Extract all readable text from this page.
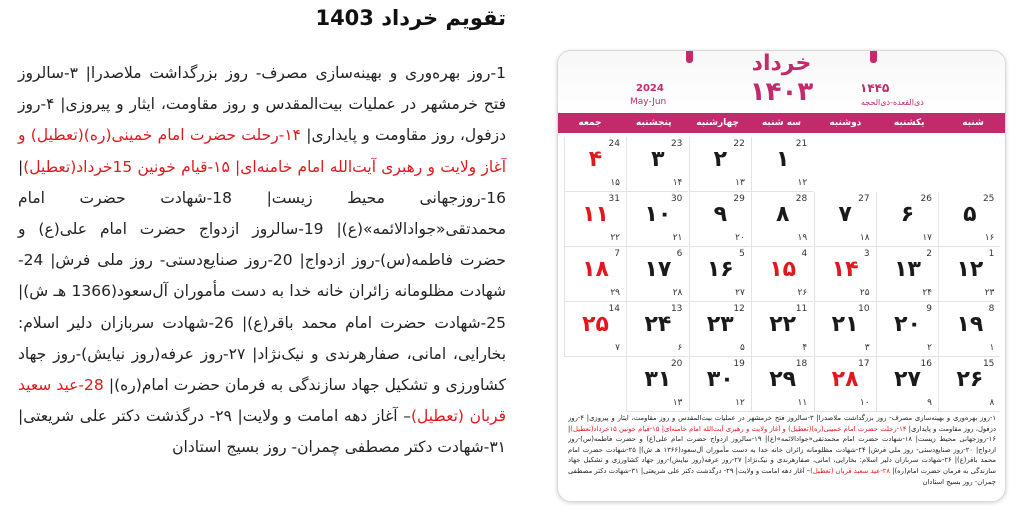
تقویم خرداد 1403
1-روز بهره‌وری و بهینه‌سازی مصرف- روز بزرگداشت ملاصدرا| ۳-سالروز فتح خرمشهر در عملیات بیت‌المقدس و روز مقاومت، ایثار و پیروزی| ۴-روز دزفول، روز مقاومت و پایداری| ۱۴-رحلت حضرت امام خمینی(ره)(تعطیل) و آغاز ولایت و رهبری آیت‌الله امام خامنه‌ای| ۱۵-قیام خونین 15خرداد(تعطیل)| 16-روزجهانی محیط زیست| 18-شهادت حضرت امام محمدتقی«جوادالائمه»(ع)| 19-سالروز ازدواج حضرت امام علی(ع) و حضرت فاطمه(س)-روز ازدواج| 20-روز صنایع‌دستی- روز ملی فرش| 24-شهادت مظلومانه زائران خانه خدا به دست مأموران آل‌سعود(1366 هـ ش)| 25-شهادت حضرت امام محمد باقر(ع)| 26-شهادت سربازان دلیر اسلام: بخارایی، امانی، صفارهرندی و نیک‌نژاد| ۲۷-روز عرفه(روز نیایش)-روز جهاد کشاورزی و تشکیل جهاد سازندگی به فرمان حضرت امام(ره)| 28-عید سعید قربان (تعطیل)– آغاز دهه امامت و ولایت| ۲۹- درگذشت دکتر علی شریعتی| ۳۱-شهادت دکتر مصطفی چمران- روز بسیج استادان
خرداد
۱۴۰۳
2024
May-Jun
۱۴۴۵
ذی‌القعده-ذی‌الحجه
شنبه
یکشنبه
دوشنبه
سه شنبه
چهارشنبه
پنجشنبه
جمعه
21
۱
۱۲
22
۲
۱۳
23
۳
۱۴
24
۴
۱۵
25
۵
۱۶
26
۶
۱۷
27
۷
۱۸
28
۸
۱۹
29
۹
۲۰
30
۱۰
۲۱
31
۱۱
۲۲
1
۱۲
۲۳
2
۱۳
۲۴
3
۱۴
۲۵
4
۱۵
۲۶
5
۱۶
۲۷
6
۱۷
۲۸
7
۱۸
۲۹
8
۱۹
۱
9
۲۰
۲
10
۲۱
۳
11
۲۲
۴
12
۲۳
۵
13
۲۴
۶
14
۲۵
۷
15
۲۶
۸
16
۲۷
۹
17
۲۸
۱۰
18
۲۹
۱۱
19
۳۰
۱۲
20
۳۱
۱۳
۱-روز بهره‌وری و بهینه‌سازی مصرف- روز بزرگداشت ملاصدرا| ۳-سالروز فتح خرمشهر در عملیات بیت‌المقدس و روز مقاومت، ایثار و پیروزی| ۴-روز دزفول، روز مقاومت و پایداری| ۱۴-رحلت حضرت امام خمینی(ره)(تعطیل) و آغاز ولایت و رهبری آیت‌الله امام خامنه‌ای| ۱۵-قیام خونین ۱۵خرداد(تعطیل)| ۱۶-روزجهانی محیط زیست| ۱۸-شهادت حضرت امام محمدتقی«جوادالائمه»(ع)| ۱۹-سالروز ازدواج حضرت امام علی(ع) و حضرت فاطمه(س)-روز ازدواج| ۲۰-روز صنایع‌دستی- روز ملی فرش| ۲۴-شهادت مظلومانه زائران خانه خدا به دست مأموران آل‌سعود(۱۳۶۶ هـ ش)| ۲۵-شهادت حضرت امام محمد باقر(ع)| ۲۶-شهادت سربازان دلیر اسلام: بخارایی، امانی، صفارهرندی و نیک‌نژاد| ۲۷-روز عرفه(روز نیایش)-روز جهاد کشاورزی و تشکیل جهاد سازندگی به فرمان حضرت امام(ره)| ۲۸-عید سعید قربان (تعطیل)– آغاز دهه امامت و ولایت| ۲۹- درگذشت دکتر علی شریعتی| ۳۱-شهادت دکتر مصطفی چمران- روز بسیج استادان
